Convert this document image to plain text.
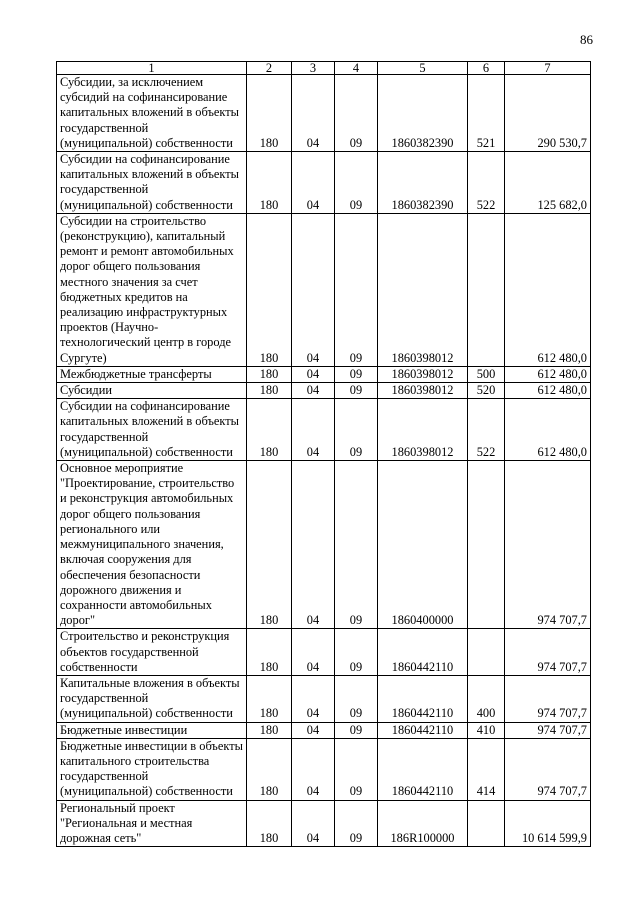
86
1	2	3	4	5	6	7
Субсидии, за исключением субсидий на софинансирование капитальных вложений в объекты государственной (муниципальной) собственности	180	04	09	1860382390	521	290 530,7
Субсидии на софинансирование капитальных вложений в объекты государственной (муниципальной) собственности	180	04	09	1860382390	522	125 682,0
Субсидии на строительство (реконструкцию), капитальный ремонт и ремонт автомобильных дорог общего пользования местного значения за счет бюджетных кредитов на реализацию инфраструктурных проектов (Научно-технологический центр в городе Сургуте)	180	04	09	1860398012		612 480,0
Межбюджетные трансферты	180	04	09	1860398012	500	612 480,0
Субсидии	180	04	09	1860398012	520	612 480,0
Субсидии на софинансирование капитальных вложений в объекты государственной (муниципальной) собственности	180	04	09	1860398012	522	612 480,0
Основное мероприятие "Проектирование, строительство и реконструкция автомобильных дорог общего пользования регионального или межмуниципального значения, включая сооружения для обеспечения безопасности дорожного движения и сохранности автомобильных дорог"	180	04	09	1860400000		974 707,7
Строительство и реконструкция объектов государственной собственности	180	04	09	1860442110		974 707,7
Капитальные вложения в объекты государственной (муниципальной) собственности	180	04	09	1860442110	400	974 707,7
Бюджетные инвестиции	180	04	09	1860442110	410	974 707,7
Бюджетные инвестиции в объекты капитального строительства государственной (муниципальной) собственности	180	04	09	1860442110	414	974 707,7
Региональный проект "Региональная и местная дорожная сеть"	180	04	09	186R100000		10 614 599,9
